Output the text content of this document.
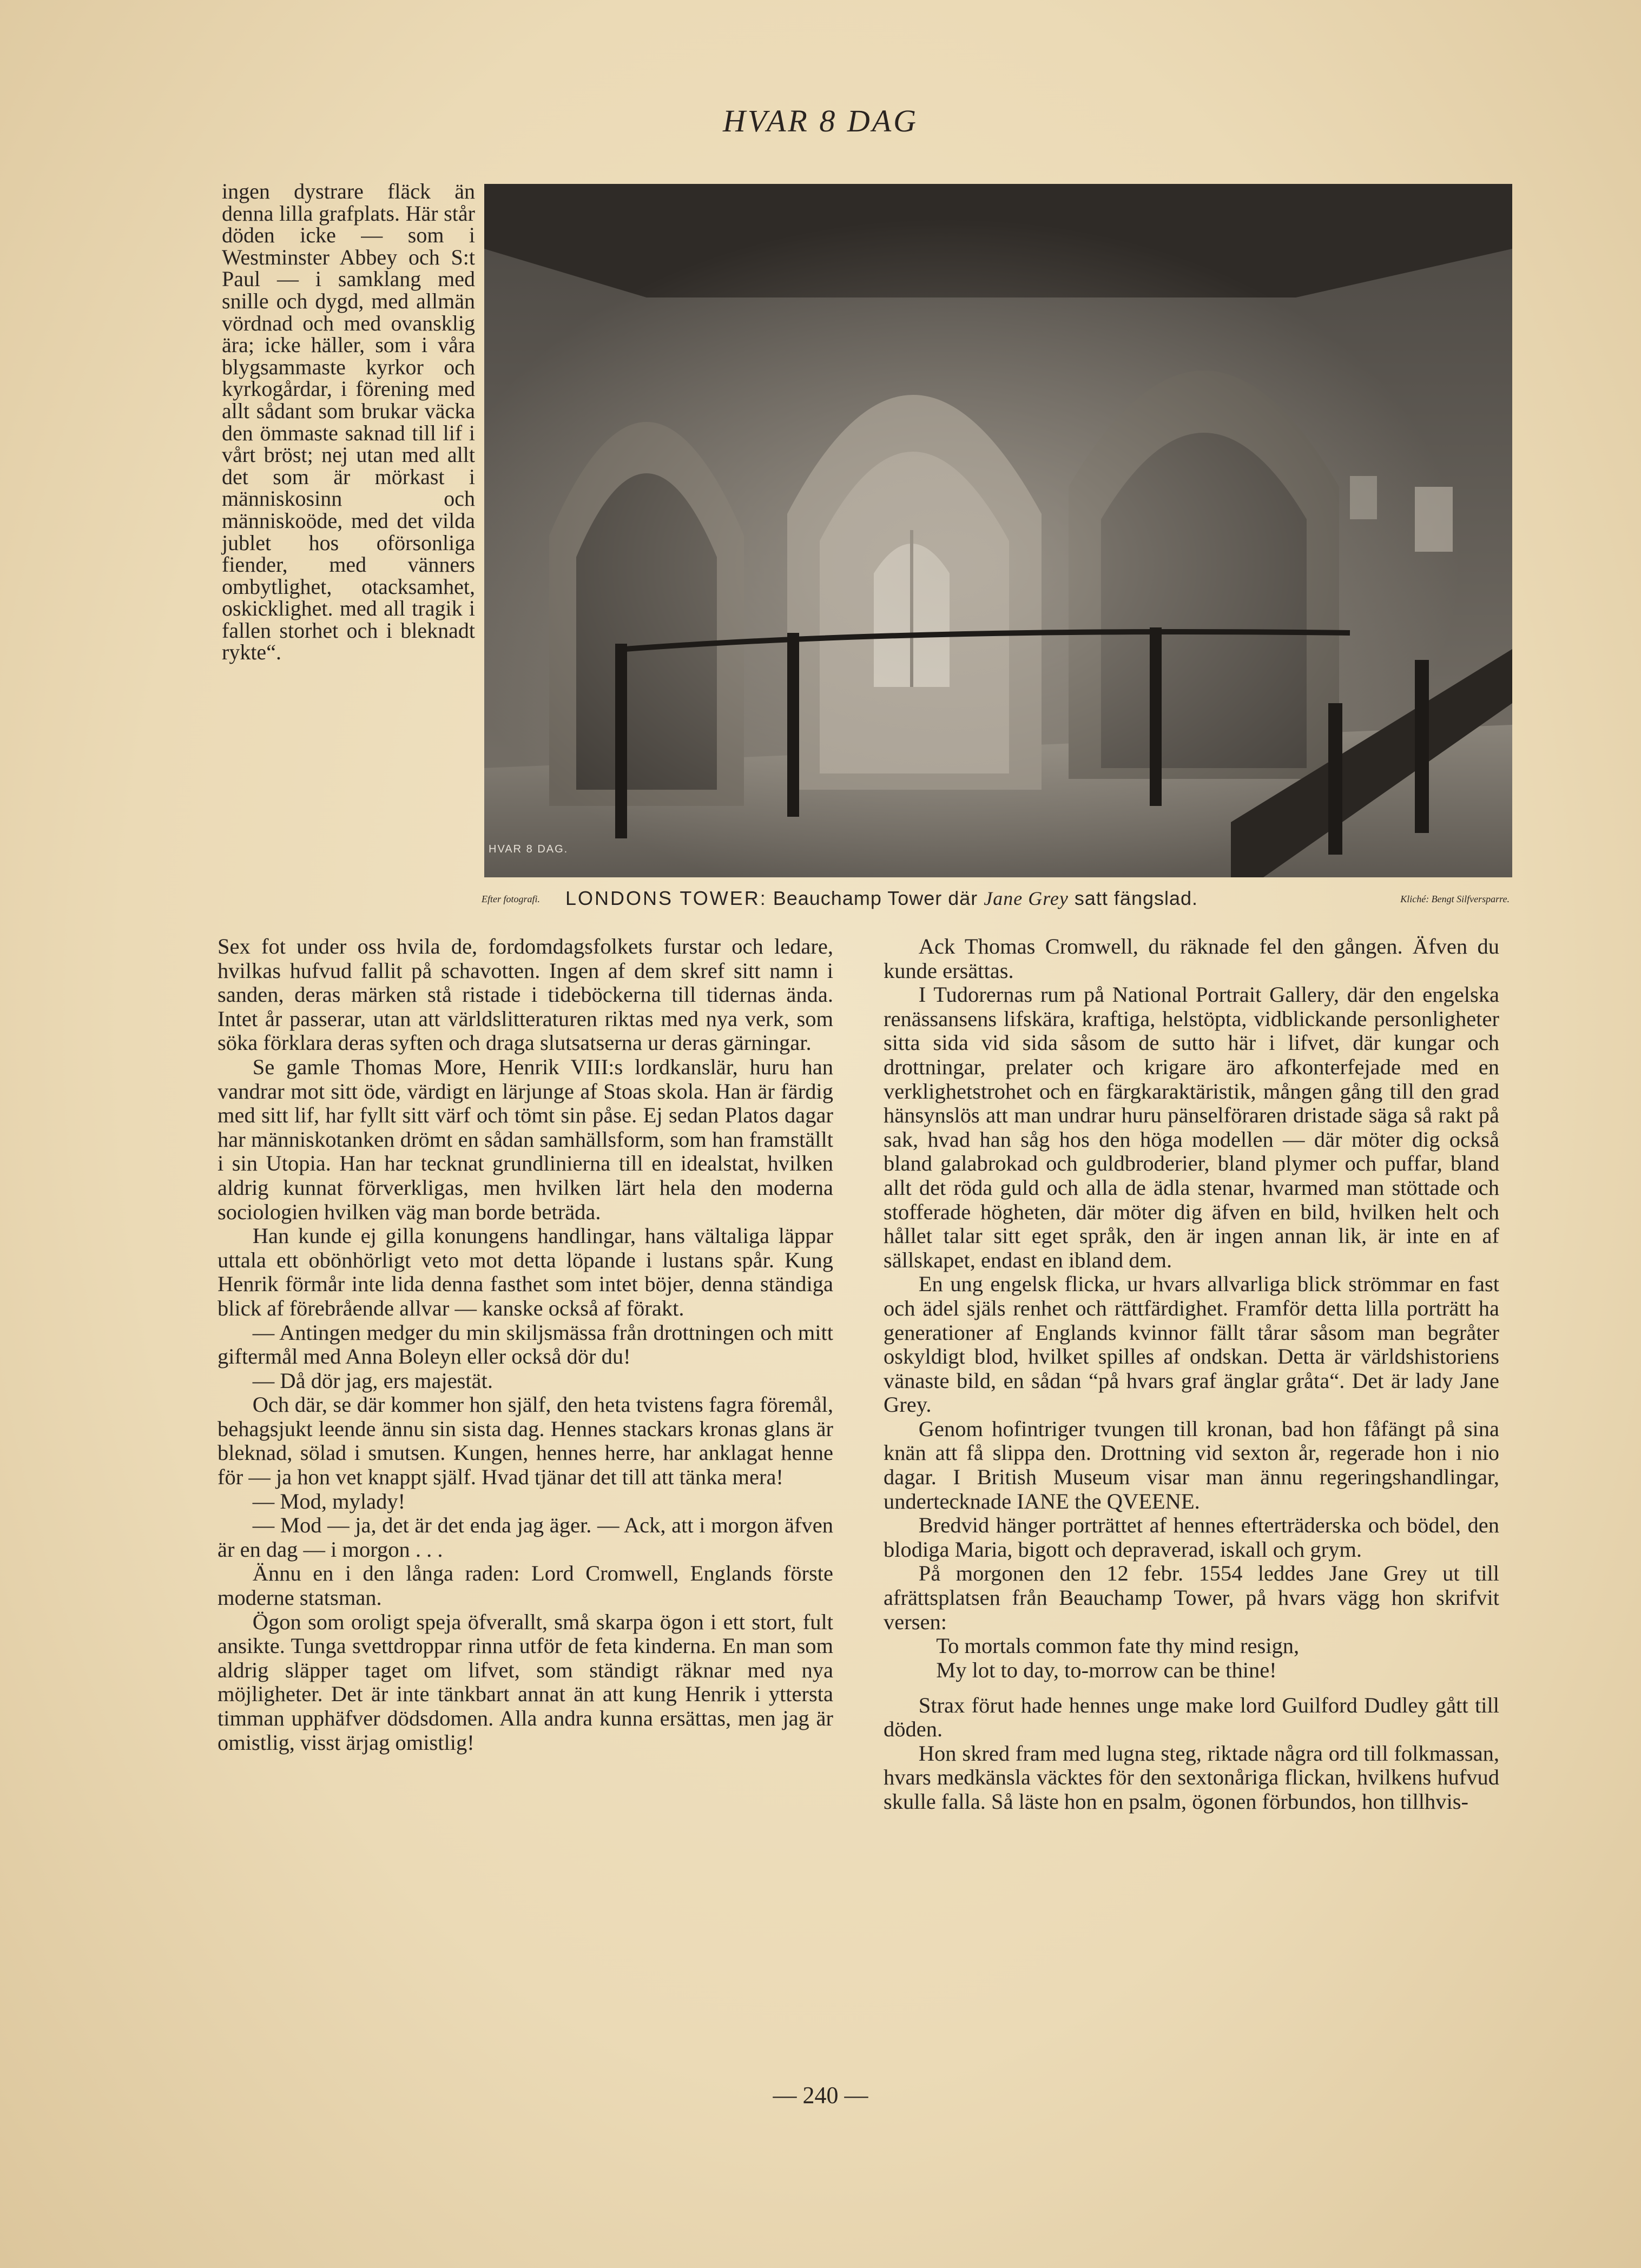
HVAR 8 DAG

ingen dystrare fläck än denna lilla grafplats. Här står döden icke — som i Westminster Abbey och S:t Paul — i samklang med snille och dygd, med allmän vördnad och med ovansklig ära; icke häller, som i våra blygsammaste kyrkor och kyrkogårdar, i förening med allt sådant som brukar väcka den ömmaste saknad till lif i vårt bröst; nej utan med allt det som är mörkast i människosinn och människoöde, med det vilda jublet hos oförsonliga fiender, med vänners ombytlighet, otacksamhet, oskicklighet. med all tragik i fallen storhet och i bleknadt rykte“.

HVAR 8 DAG.
Efter fotografi. LONDONS TOWER: Beauchamp Tower där Jane Grey satt fängslad.	Kliché: Bengt Silfversparre.

Sex fot under oss hvila de, fordomdagsfolkets furstar och ledare, hvilkas hufvud fallit på schavotten. Ingen af dem skref sitt namn i sanden, deras märken stå ristade i tideböckerna till tidernas ända. Intet år passerar, utan att världslitteraturen riktas med nya verk, som söka förklara deras syften och draga slutsatserna ur deras gärningar.

Se gamle Thomas More, Henrik VIII:s lordkanslär, huru han vandrar mot sitt öde, värdigt en lärjunge af Stoas skola. Han är färdig med sitt lif, har fyllt sitt värf och tömt sin påse. Ej sedan Platos dagar har människotanken drömt en sådan samhällsform, som han framställt i sin Utopia. Han har tecknat grundlinierna till en idealstat, hvilken aldrig kunnat förverkligas, men hvilken lärt hela den moderna sociologien hvilken väg man borde beträda.

Han kunde ej gilla konungens handlingar, hans vältaliga läppar uttala ett obönhörligt veto mot detta löpande i lustans spår. Kung Henrik förmår inte lida denna fasthet som intet böjer, denna ständiga blick af förebrående allvar — kanske också af förakt.

— Antingen medger du min skiljsmässa från drottningen och mitt giftermål med Anna Boleyn eller också dör du!

— Då dör jag, ers majestät.

Och där, se där kommer hon själf, den heta tvistens fagra föremål, behagsjukt leende ännu sin sista dag. Hennes stackars kronas glans är bleknad, sölad i smutsen. Kungen, hennes herre, har anklagat henne för — ja hon vet knappt själf. Hvad tjänar det till att tänka mera!

— Mod, mylady!

— Mod — ja, det är det enda jag äger. — Ack, att i morgon äfven är en dag — i morgon . . .

Ännu en i den långa raden: Lord Cromwell, Englands förste moderne statsman.

Ögon som oroligt speja öfverallt, små skarpa ögon i ett stort, fult ansikte. Tunga svettdroppar rinna utför de feta kinderna. En man som aldrig släpper taget om lifvet, som ständigt räknar med nya möjligheter. Det är inte tänkbart annat än att kung Henrik i yttersta timman upphäfver dödsdomen. Alla andra kunna ersättas, men jag är omistlig, visst ärjag omistlig!

Ack Thomas Cromwell, du räknade fel den gången. Äfven du kunde ersättas.

I Tudorernas rum på National Portrait Gallery, där den engelska renässansens lifskära, kraftiga, helstöpta, vidblickande personligheter sitta sida vid sida såsom de sutto här i lifvet, där kungar och drottningar, prelater och krigare äro afkonterfejade med en verklighetstrohet och en färgkaraktäristik, mången gång till den grad hänsynslös att man undrar huru pänselföraren dristade säga så rakt på sak, hvad han såg hos den höga modellen — där möter dig också bland galabrokad och guldbroderier, bland plymer och puffar, bland allt det röda guld och alla de ädla stenar, hvarmed man stöttade och stofferade högheten, där möter dig äfven en bild, hvilken helt och hållet talar sitt eget språk, den är ingen annan lik, är inte en af sällskapet, endast en ibland dem.

En ung engelsk flicka, ur hvars allvarliga blick strömmar en fast och ädel själs renhet och rättfärdighet. Framför detta lilla porträtt ha generationer af Englands kvinnor fällt tårar såsom man begråter oskyldigt blod, hvilket spilles af ondskan. Detta är världshistoriens vänaste bild, en sådan “på hvars graf änglar gråta“. Det är lady Jane Grey.

Genom hofintriger tvungen till kronan, bad hon fåfängt på sina knän att få slippa den. Drottning vid sexton år, regerade hon i nio dagar. I British Museum visar man ännu regeringshandlingar, undertecknade IANE the QVEENE.

Bredvid hänger porträttet af hennes efterträderska och bödel, den blodiga Maria, bigott och depraverad, iskall och grym.

På morgonen den 12 febr. 1554 leddes Jane Grey ut till afrättsplatsen från Beauchamp Tower, på hvars vägg hon skrifvit versen:

To mortals common fate thy mind resign,

My lot to day, to-morrow can be thine!

Strax förut hade hennes unge make lord Guilford Dudley gått till döden.

Hon skred fram med lugna steg, riktade några ord till folkmassan, hvars medkänsla väcktes för den sextonåriga flickan, hvilkens hufvud skulle falla. Så läste hon en psalm, ögonen förbundos, hon tillhvis-

— 240 —
